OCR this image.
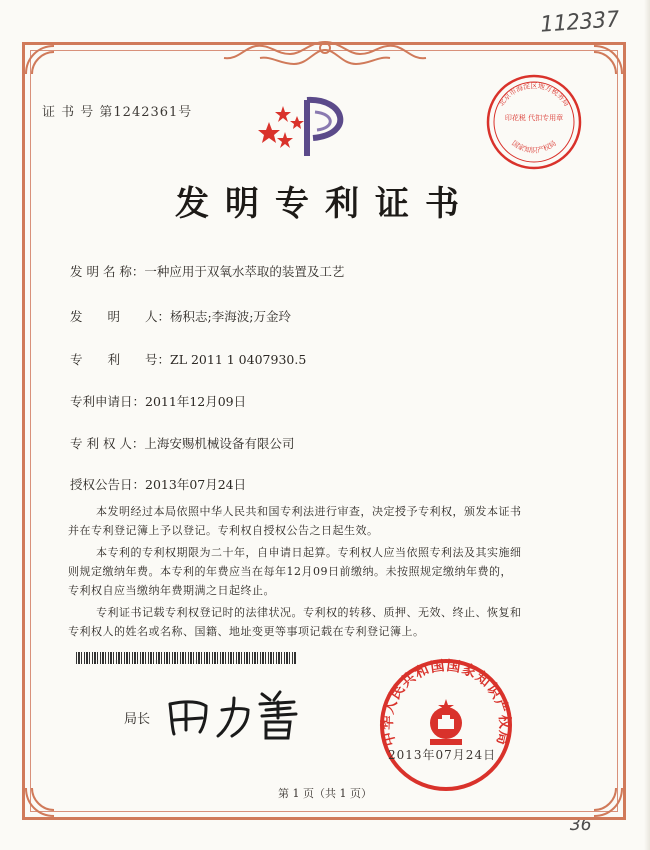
112337
36
证 书 号 第1242361号
北京市海淀区地方税务局
印花税 代扣专用章
国家知识产权局
发明专利证书
发 明 名 称：一种应用于双氧水萃取的装置及工艺
发　　明　　人：杨积志;李海波;万金玲
专　　利　　号：ZL 2011 1 0407930.5
专利申请日：2011年12月09日
专 利 权 人：上海安赐机械设备有限公司
授权公告日：2013年07月24日
本发明经过本局依照中华人民共和国专利法进行审查，决定授予专利权，颁发本证书
并在专利登记簿上予以登记。专利权自授权公告之日起生效。
本专利的专利权期限为二十年，自申请日起算。专利权人应当依照专利法及其实施细
则规定缴纳年费。本专利的年费应当在每年12月09日前缴纳。未按照规定缴纳年费的，
专利权自应当缴纳年费期满之日起终止。
专利证书记载专利权登记时的法律状况。专利权的转移、质押、无效、终止、恢复和
专利权人的姓名或名称、国籍、地址变更等事项记载在专利登记簿上。
局长
中华人民共和国国家知识产权局
2013年07月24日
第 1 页（共 1 页）
